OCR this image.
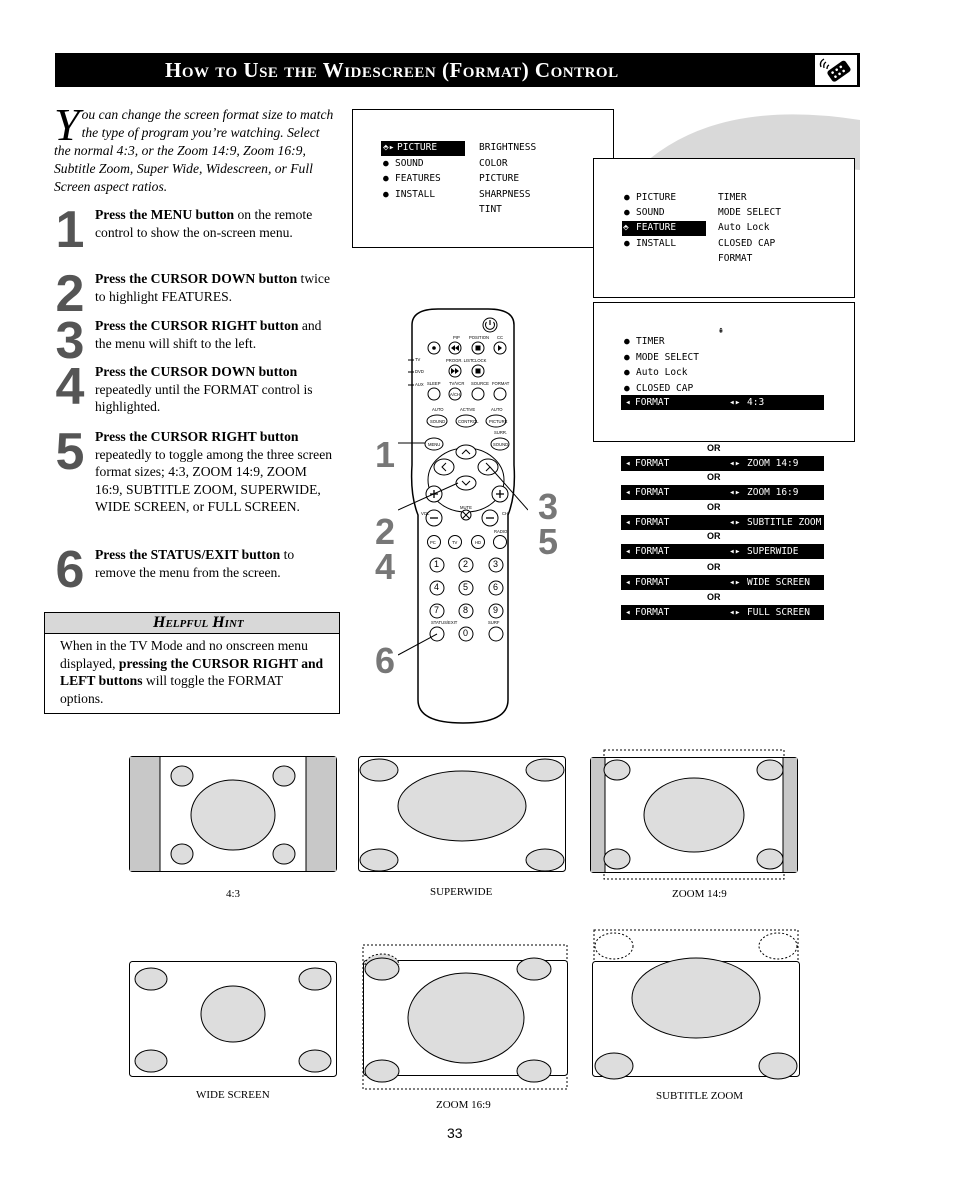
How to Use the Widescreen (Format) Control
You can change the screen format size to match the type of program you’re watching. Select the normal 4:3, or the Zoom 14:9, Zoom 16:9, Subtitle Zoom, Super Wide, Widescreen, or Full Screen aspect ratios.
1 Press the MENU button on the remote control to show the on-screen menu.
2 Press the CURSOR DOWN button twice to highlight FEATURES.
3 Press the CURSOR RIGHT button and the menu will shift to the left.
4 Press the CURSOR DOWN button repeatedly until the FORMAT control is highlighted.
5 Press the CURSOR RIGHT button repeatedly to toggle among the three screen format sizes; 4:3, ZOOM 14:9, ZOOM 16:9, SUBTITLE ZOOM, SUPERWIDE, WIDE SCREEN, or FULL SCREEN.
6 Press the STATUS/EXIT button to remove the menu from the screen.
Helpful Hint
When in the TV Mode and no onscreen menu displayed, pressing the CURSOR RIGHT and LEFT buttons will toggle the FORMAT options.
⬘▸ PICTURE
● SOUND
● FEATURES
● INSTALL
BRIGHTNESS
COLOR
PICTURE
SHARPNESS
TINT
● PICTURE
● SOUND
⬘ FEATURE
● INSTALL
TIMER
MODE SELECT
Auto Lock
CLOSED CAP
FORMAT
⇞
● TIMER
● MODE SELECT
● Auto Lock
● CLOSED CAP
◂ FORMAT	◂▸ 4:3
OR
◂ FORMAT	◂▸ ZOOM 14:9
OR
◂ FORMAT	◂▸ ZOOM 16:9
OR
◂ FORMAT	◂▸ SUBTITLE ZOOM
OR
◂ FORMAT	◂▸ SUPERWIDE
OR
◂ FORMAT	◂▸ WIDE SCREEN
OR
◂ FORMAT	◂▸ FULL SCREEN
PIP POSITION CC
TV
DVD
AUX
PROGR. LIST CLOCK
SLEEP TV/VCR SOURCE FORMAT
A/CH
AUTO	ACTIVE	AUTO
SOUND	CONTROL	PICTURE
SURR.
MENU	SOUND
MUTE
CH
VOL
RADIO
PC	TV	HD
STATUS/EXIT	SURF
1	2	3
4	5	6
7	8	9
0
1
2
4
3
5
6
4:3	SUPERWIDE	ZOOM 14:9
WIDE SCREEN
ZOOM 16:9
SUBTITLE ZOOM
33
